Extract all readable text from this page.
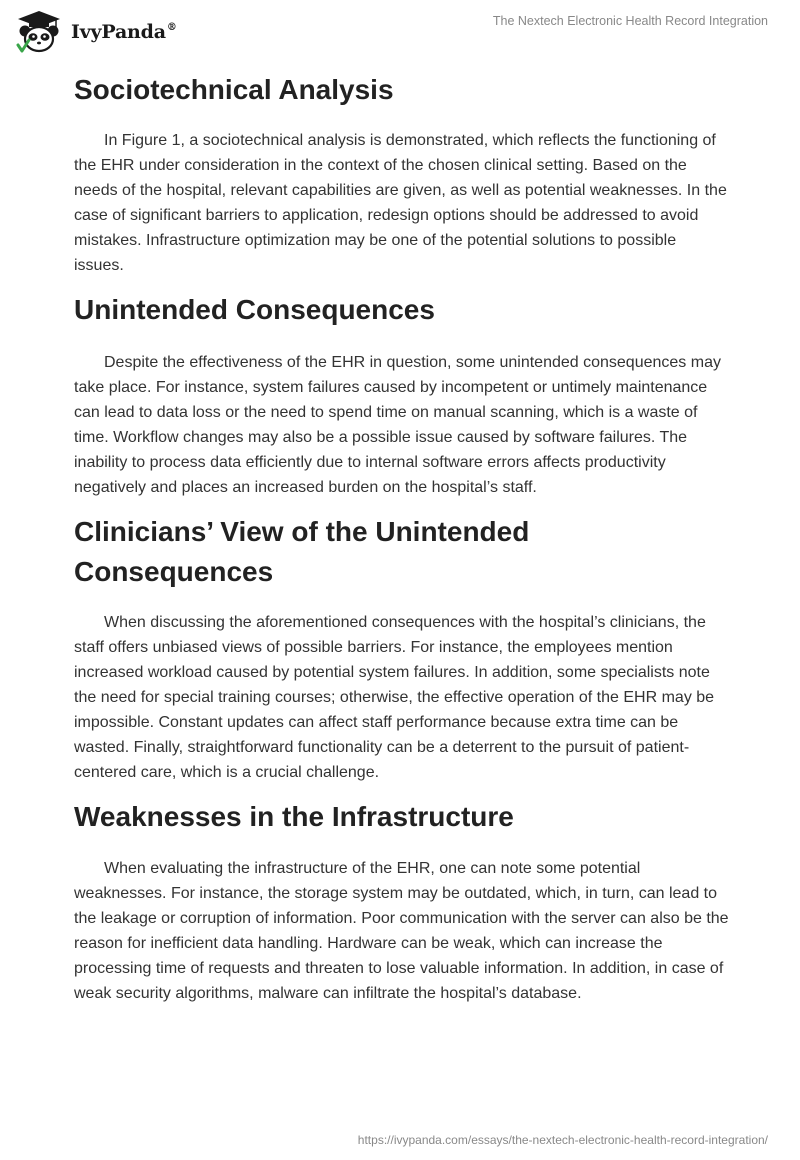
IvyPanda®	The Nextech Electronic Health Record Integration
Sociotechnical Analysis

In Figure 1, a sociotechnical analysis is demonstrated, which reflects the functioning of the EHR under consideration in the context of the chosen clinical setting. Based on the needs of the hospital, relevant capabilities are given, as well as potential weaknesses. In the case of significant barriers to application, redesign options should be addressed to avoid mistakes. Infrastructure optimization may be one of the potential solutions to possible issues.

Unintended Consequences

Despite the effectiveness of the EHR in question, some unintended consequences may take place. For instance, system failures caused by incompetent or untimely maintenance can lead to data loss or the need to spend time on manual scanning, which is a waste of time. Workflow changes may also be a possible issue caused by software failures. The inability to process data efficiently due to internal software errors affects productivity negatively and places an increased burden on the hospital’s staff.

Clinicians’ View of the Unintended Consequences

When discussing the aforementioned consequences with the hospital’s clinicians, the staff offers unbiased views of possible barriers. For instance, the employees mention increased workload caused by potential system failures. In addition, some specialists note the need for special training courses; otherwise, the effective operation of the EHR may be impossible. Constant updates can affect staff performance because extra time can be wasted. Finally, straightforward functionality can be a deterrent to the pursuit of patient-centered care, which is a crucial challenge.

Weaknesses in the Infrastructure

When evaluating the infrastructure of the EHR, one can note some potential weaknesses. For instance, the storage system may be outdated, which, in turn, can lead to the leakage or corruption of information. Poor communication with the server can also be the reason for inefficient data handling. Hardware can be weak, which can increase the processing time of requests and threaten to lose valuable information. In addition, in case of weak security algorithms, malware can infiltrate the hospital’s database.

https://ivypanda.com/essays/the-nextech-electronic-health-record-integration/
